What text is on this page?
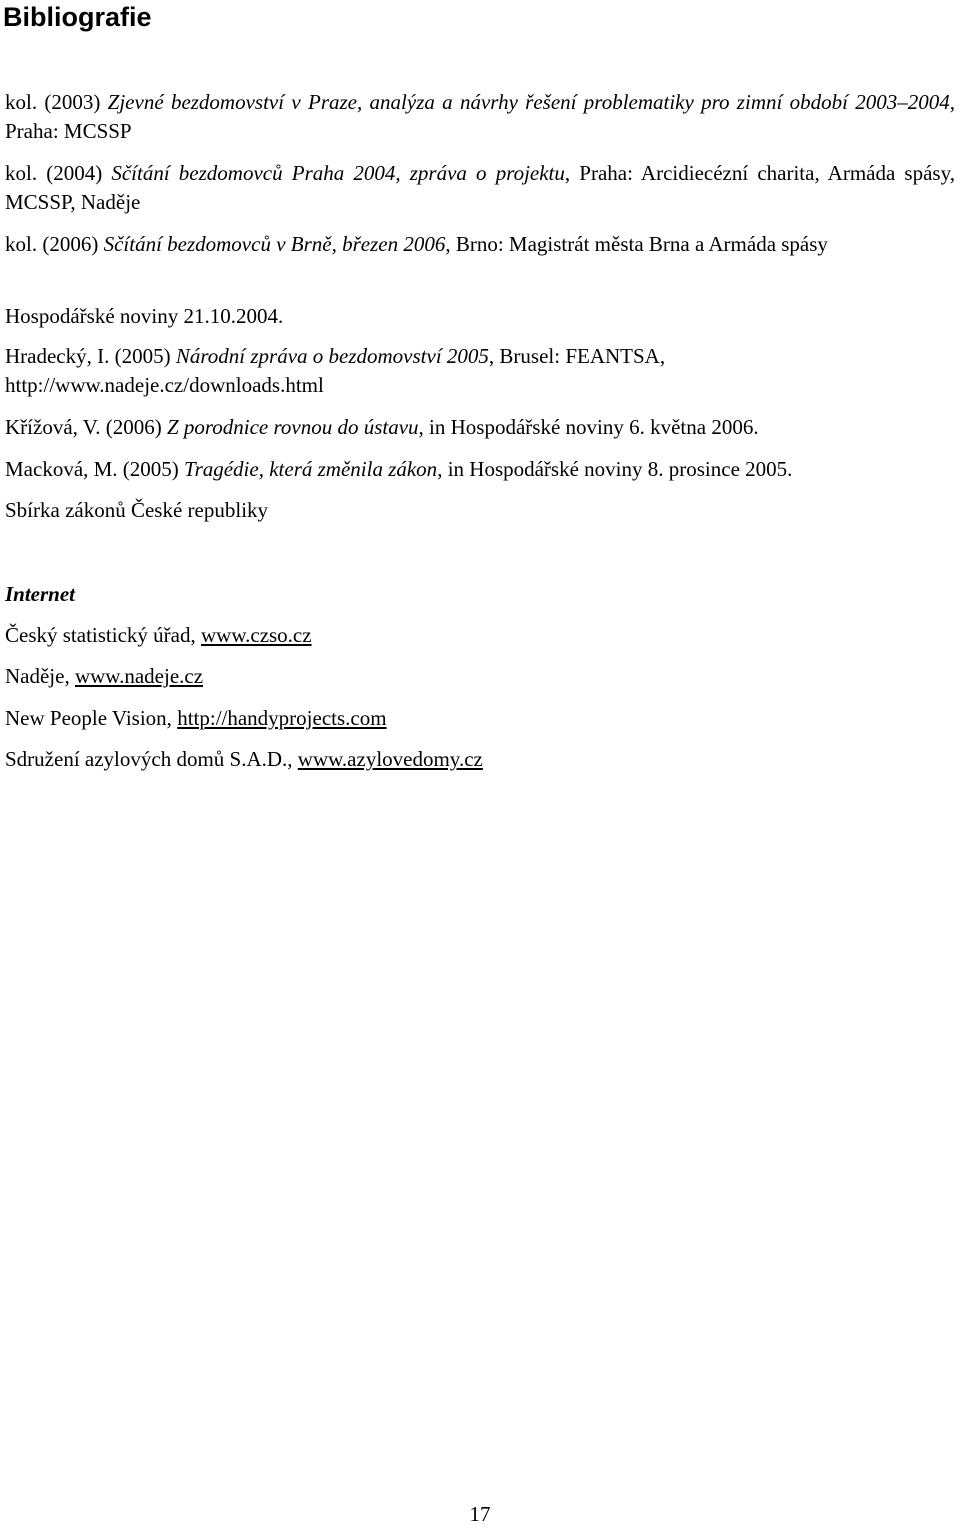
Bibliografie

kol. (2003) Zjevné bezdomovství v Praze, analýza a návrhy řešení problematiky pro zimní období 2003–2004, Praha: MCSSP

kol. (2004) Sčítání bezdomovců Praha 2004, zpráva o projektu, Praha: Arcidiecézní charita, Armáda spásy, MCSSP, Naděje

kol. (2006) Sčítání bezdomovců v Brně, březen 2006, Brno: Magistrát města Brna a Armáda spásy

Hospodářské noviny 21.10.2004.

Hradecký, I. (2005) Národní zpráva o bezdomovství 2005, Brusel: FEANTSA, http://www.nadeje.cz/downloads.html

Křížová, V. (2006) Z porodnice rovnou do ústavu, in Hospodářské noviny 6. května 2006.

Macková, M. (2005) Tragédie, která změnila zákon, in Hospodářské noviny 8. prosince 2005.

Sbírka zákonů České republiky

Internet

Český statistický úřad, www.czso.cz

Naděje, www.nadeje.cz

New People Vision, http://handyprojects.com

Sdružení azylových domů S.A.D., www.azylovedomy.cz

17
